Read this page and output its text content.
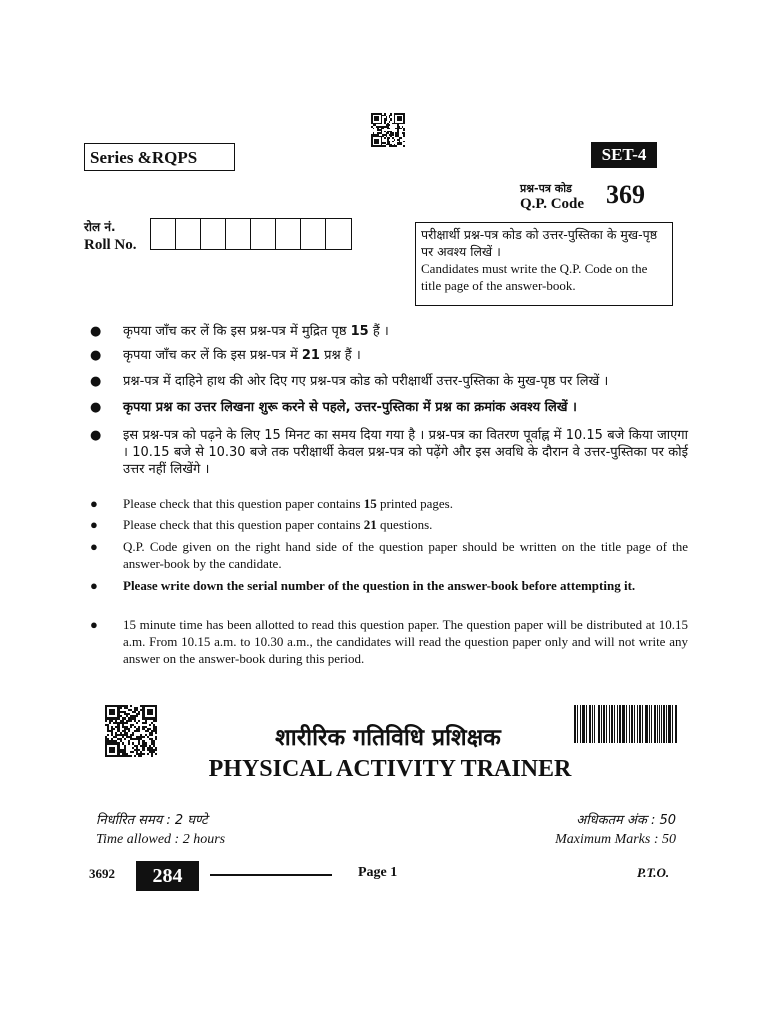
Series &RQPS	SET-4
प्रश्न-पत्र कोड
Q.P. Code 369
रोल नं.
Roll No.
परीक्षार्थी प्रश्न-पत्र कोड को उत्तर-पुस्तिका के मुख-पृष्ठ पर अवश्य लिखें ।
Candidates must write the Q.P. Code on the title page of the answer-book.
● कृपया जाँच कर लें कि इस प्रश्न-पत्र में मुद्रित पृष्ठ 15 हैं ।
● कृपया जाँच कर लें कि इस प्रश्न-पत्र में 21 प्रश्न हैं ।
● प्रश्न-पत्र में दाहिने हाथ की ओर दिए गए प्रश्न-पत्र कोड को परीक्षार्थी उत्तर-पुस्तिका के मुख-पृष्ठ पर लिखें ।
● कृपया प्रश्न का उत्तर लिखना शुरू करने से पहले, उत्तर-पुस्तिका में प्रश्न का क्रमांक अवश्य लिखें ।
● इस प्रश्न-पत्र को पढ़ने के लिए 15 मिनट का समय दिया गया है । प्रश्न-पत्र का वितरण पूर्वाह्न में 10.15 बजे किया जाएगा । 10.15 बजे से 10.30 बजे तक परीक्षार्थी केवल प्रश्न-पत्र को पढ़ेंगे और इस अवधि के दौरान वे उत्तर-पुस्तिका पर कोई उत्तर नहीं लिखेंगे ।
● Please check that this question paper contains 15 printed pages.
● Please check that this question paper contains 21 questions.
● Q.P. Code given on the right hand side of the question paper should be written on the title page of the answer-book by the candidate.
● Please write down the serial number of the question in the answer-book before attempting it.
● 15 minute time has been allotted to read this question paper. The question paper will be distributed at 10.15 a.m. From 10.15 a.m. to 10.30 a.m., the candidates will read the question paper only and will not write any answer on the answer-book during this period.
शारीरिक गतिविधि प्रशिक्षक
PHYSICAL ACTIVITY TRAINER
निर्धारित समय : 2 घण्टे
Time allowed : 2 hours
अधिकतम अंक : 50
Maximum Marks : 50
3692	284	Page 1	P.T.O.
